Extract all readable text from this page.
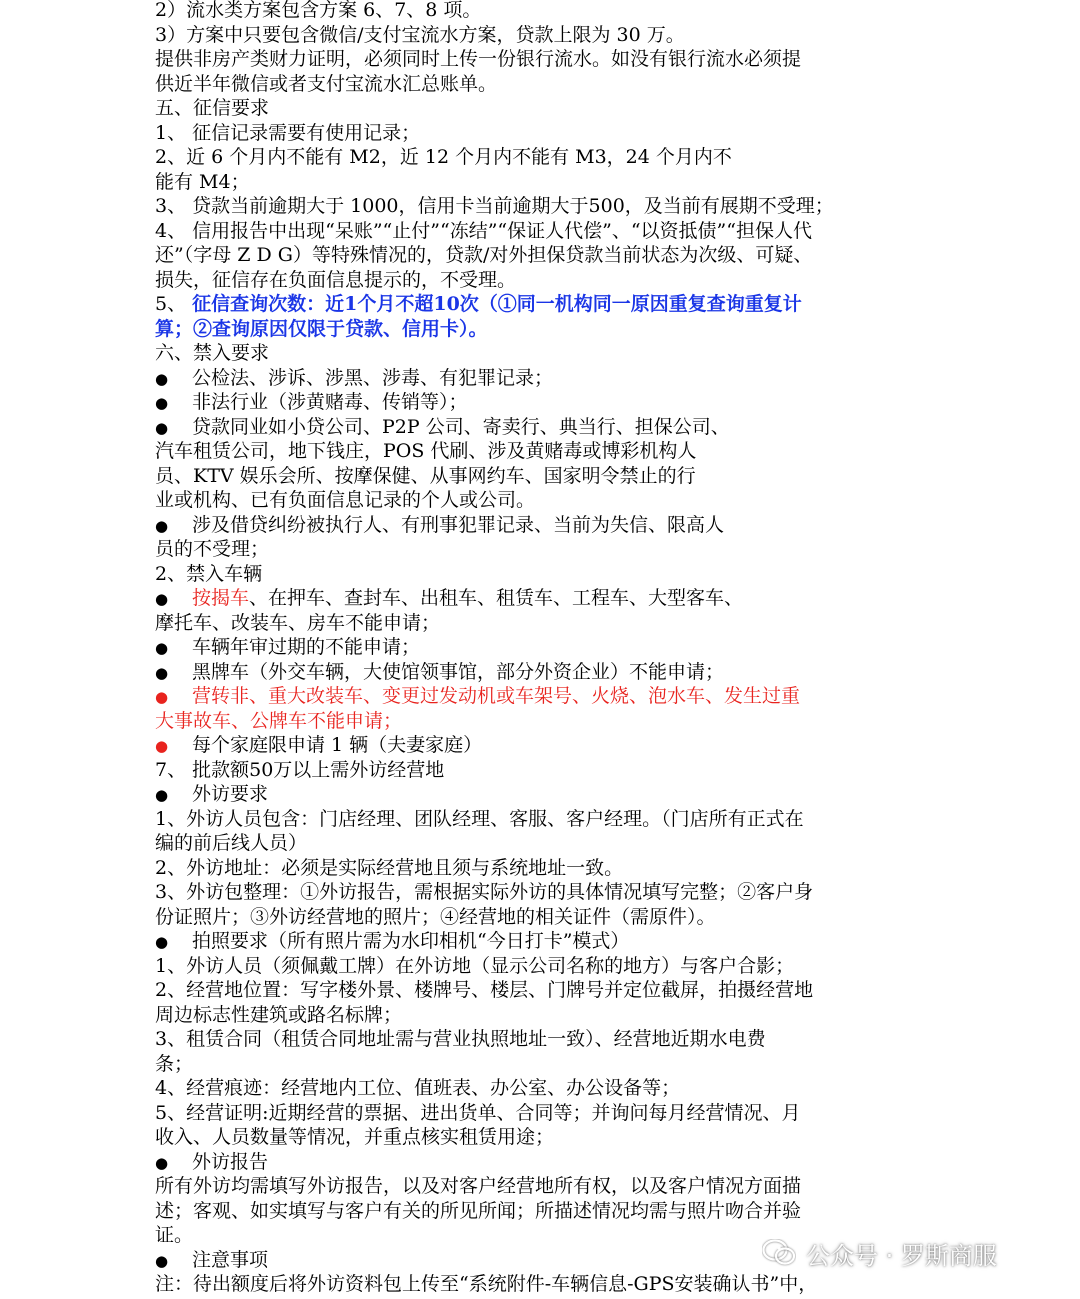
2）流水类方案包含方案 6、7、8 项。
3）方案中只要包含微信/支付宝流水方案，贷款上限为 30 万。
提供非房产类财力证明，必须同时上传一份银行流水。如没有银行流水必须提
供近半年微信或者支付宝流水汇总账单。
五、征信要求
1、 征信记录需要有使用记录；
2、近 6 个月内不能有 M2，近 12 个月内不能有 M3，24 个月内不
能有 M4；
3、 贷款当前逾期大于 1000，信用卡当前逾期大于500，及当前有展期不受理；
4、 信用报告中出现“呆账”“止付”“冻结”“保证人代偿”、“以资抵债”“担保人代
还”（字母 Z D G）等特殊情况的，贷款/对外担保贷款当前状态为次级、可疑、
损失，征信存在负面信息提示的，不受理。
5、 征信查询次数：近1个月不超10次（①同一机构同一原因重复查询重复计
算；②查询原因仅限于贷款、信用卡）。
六、禁入要求
● 公检法、涉诉、涉黑、涉毒、有犯罪记录；
● 非法行业（涉黄赌毒、传销等）；
● 贷款同业如小贷公司、P2P 公司、寄卖行、典当行、担保公司、
汽车租赁公司，地下钱庄，POS 代刷、涉及黄赌毒或博彩机构人
员、KTV 娱乐会所、按摩保健、从事网约车、国家明令禁止的行
业或机构、已有负面信息记录的个人或公司。
● 涉及借贷纠纷被执行人、有刑事犯罪记录、当前为失信、限高人
员的不受理；
2、禁入车辆
● 按揭车、在押车、查封车、出租车、租赁车、工程车、大型客车、
摩托车、改装车、房车不能申请；
● 车辆年审过期的不能申请；
● 黑牌车（外交车辆，大使馆领事馆，部分外资企业）不能申请；
● 营转非、重大改装车、变更过发动机或车架号、火烧、泡水车、发生过重
大事故车、公牌车不能申请；
● 每个家庭限申请 1 辆（夫妻家庭）
7、 批款额50万以上需外访经营地
● 外访要求
1、外访人员包含：门店经理、团队经理、客服、客户经理。（门店所有正式在
编的前后线人员）
2、外访地址：必须是实际经营地且须与系统地址一致。
3、外访包整理：①外访报告，需根据实际外访的具体情况填写完整；②客户身
份证照片；③外访经营地的照片；④经营地的相关证件（需原件）。
● 拍照要求（所有照片需为水印相机“今日打卡”模式）
1、外访人员（须佩戴工牌）在外访地（显示公司名称的地方）与客户合影；
2、经营地位置：写字楼外景、楼牌号、楼层、门牌号并定位截屏，拍摄经营地
周边标志性建筑或路名标牌；
3、租赁合同（租赁合同地址需与营业执照地址一致）、经营地近期水电费
条；
4、经营痕迹：经营地内工位、值班表、办公室、办公设备等；
5、经营证明:近期经营的票据、进出货单、合同等；并询问每月经营情况、月
收入、人员数量等情况，并重点核实租赁用途；
● 外访报告
所有外访均需填写外访报告，以及对客户经营地所有权，以及客户情况方面描
述；客观、如实填写与客户有关的所见所闻；所描述情况均需与照片吻合并验
证。
● 注意事项
注：待出额度后将外访资料包上传至“系统附件-车辆信息-GPS安装确认书”中，
公众号 · 罗斯商服
